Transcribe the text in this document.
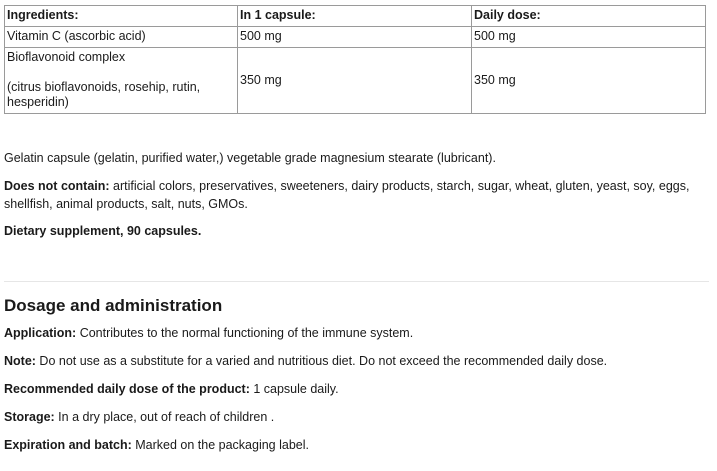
Ingredients:	In 1 capsule:	Daily dose:
Vitamin C (ascorbic acid)	500 mg	500 mg
Bioflavonoid complex
(citrus bioflavonoids, rosehip, rutin, hesperidin)	350 mg	350 mg

Gelatin capsule (gelatin, purified water,) vegetable grade magnesium stearate (lubricant).

Does not contain: artificial colors, preservatives, sweeteners, dairy products, starch, sugar, wheat, gluten, yeast, soy, eggs, shellfish, animal products, salt, nuts, GMOs.

Dietary supplement, 90 capsules.

Dosage and administration

Application: Contributes to the normal functioning of the immune system.

Note: Do not use as a substitute for a varied and nutritious diet. Do not exceed the recommended daily dose.

Recommended daily dose of the product: 1 capsule daily.

Storage: In a dry place, out of reach of children .

Expiration and batch: Marked on the packaging label.
